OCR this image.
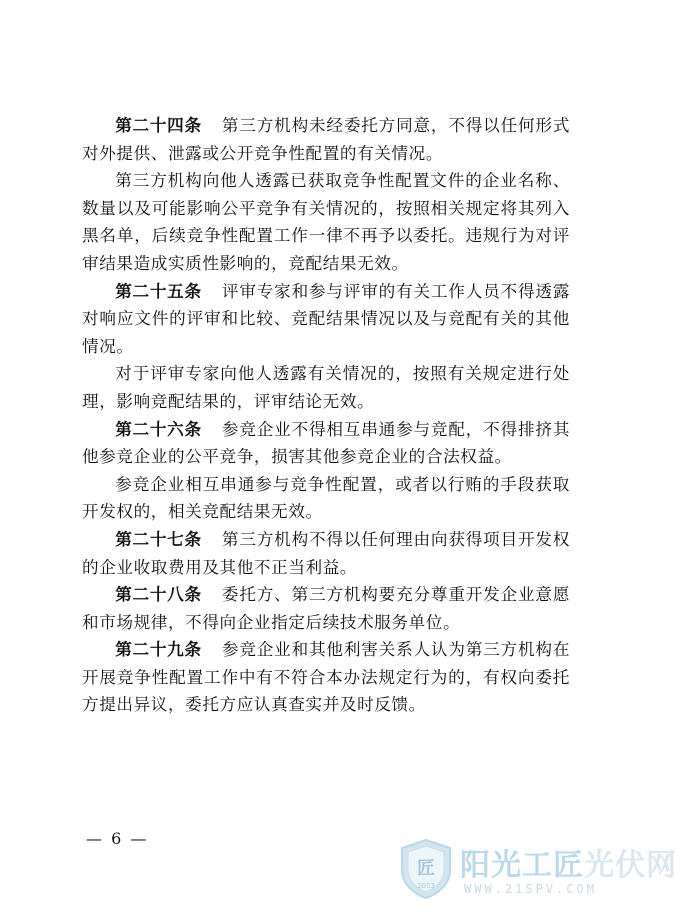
第二十四条 第三方机构未经委托方同意，不得以任何形式对外提供、泄露或公开竞争性配置的有关情况。

第三方机构向他人透露已获取竞争性配置文件的企业名称、数量以及可能影响公平竞争有关情况的，按照相关规定将其列入黑名单，后续竞争性配置工作一律不再予以委托。违规行为对评审结果造成实质性影响的，竞配结果无效。

第二十五条 评审专家和参与评审的有关工作人员不得透露对响应文件的评审和比较、竞配结果情况以及与竞配有关的其他情况。

对于评审专家向他人透露有关情况的，按照有关规定进行处理，影响竞配结果的，评审结论无效。

第二十六条 参竞企业不得相互串通参与竞配，不得排挤其他参竞企业的公平竞争，损害其他参竞企业的合法权益。

参竞企业相互串通参与竞争性配置，或者以行贿的手段获取开发权的，相关竞配结果无效。

第二十七条 第三方机构不得以任何理由向获得项目开发权的企业收取费用及其他不正当利益。

第二十八条 委托方、第三方机构要充分尊重开发企业意愿和市场规律，不得向企业指定后续技术服务单位。

第二十九条 参竞企业和其他利害关系人认为第三方机构在开展竞争性配置工作中有不符合本办法规定行为的，有权向委托方提出异议，委托方应认真查实并及时反馈。

— 6 —
匠
2003
阳光工匠光伏网
WWW.21SPV.COM
